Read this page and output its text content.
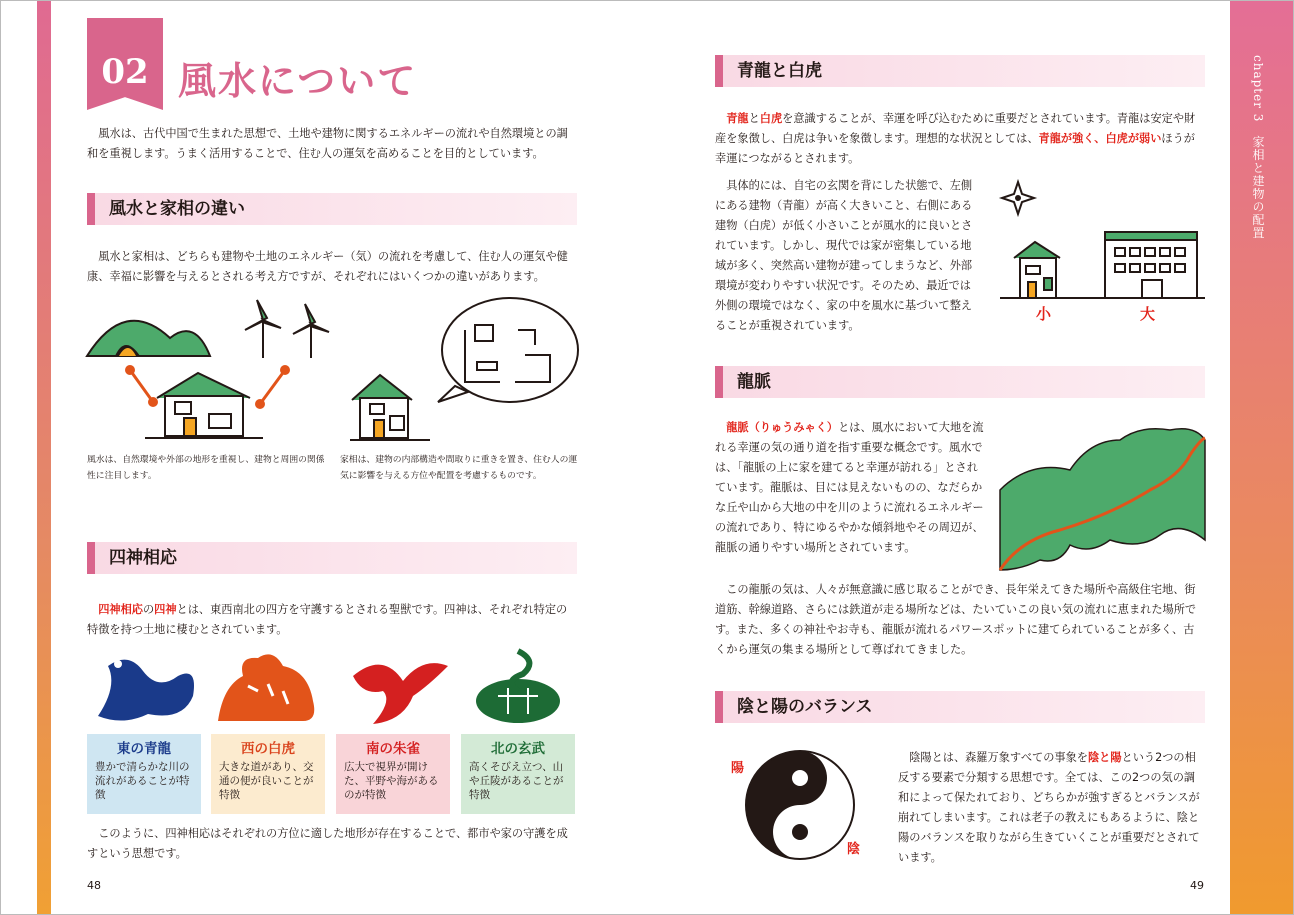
chapter 3　家相と建物の配置
02 風水について

風水は、古代中国で生まれた思想で、土地や建物に関するエネルギーの流れや自然環境との調和を重視します。うまく活用することで、住む人の運気を高めることを目的としています。

風水と家相の違い

風水と家相は、どちらも建物や土地のエネルギー（気）の流れを考慮して、住む人の運気や健康、幸福に影響を与えるとされる考え方ですが、それぞれにはいくつかの違いがあります。

風水は、自然環境や外部の地形を重視し、建物と周囲の関係性に注目します。

家相は、建物の内部構造や間取りに重きを置き、住む人の運気に影響を与える方位や配置を考慮するものです。

四神相応

四神相応の四神とは、東西南北の四方を守護するとされる聖獣です。四神は、それぞれ特定の特徴を持つ土地に棲むとされています。

東の青龍
豊かで清らかな川の流れがあることが特徴
西の白虎
大きな道があり、交通の便が良いことが特徴
南の朱雀
広大で視界が開けた、平野や海があるのが特徴
北の玄武
高くそびえ立つ、山や丘陵があることが特徴

このように、四神相応はそれぞれの方位に適した地形が存在することで、都市や家の守護を成すという思想です。

48
青龍と白虎

青龍と白虎を意識することが、幸運を呼び込むために重要だとされています。青龍は安定や財産を象徴し、白虎は争いを象徴します。理想的な状況としては、青龍が強く、白虎が弱いほうが幸運につながるとされます。

具体的には、自宅の玄関を背にした状態で、左側にある建物（青龍）が高く大きいこと、右側にある建物（白虎）が低く小さいことが風水的に良いとされています。しかし、現代では家が密集している地域が多く、突然高い建物が建ってしまうなど、外部環境が変わりやすい状況です。そのため、最近では外側の環境ではなく、家の中を風水に基づいて整えることが重視されています。

小	大
龍脈

龍脈（りゅうみゃく）とは、風水において大地を流れる幸運の気の通り道を指す重要な概念です。風水では、「龍脈の上に家を建てると幸運が訪れる」とされています。龍脈は、目には見えないものの、なだらかな丘や山から大地の中を川のように流れるエネルギーの流れであり、特にゆるやかな傾斜地やその周辺が、龍脈の通りやすい場所とされています。

この龍脈の気は、人々が無意識に感じ取ることができ、長年栄えてきた場所や高級住宅地、街道筋、幹線道路、さらには鉄道が走る場所などは、たいていこの良い気の流れに恵まれた場所です。また、多くの神社やお寺も、龍脈が流れるパワースポットに建てられていることが多く、古くから運気の集まる場所として尊ばれてきました。

陰と陽のバランス
陽
陰

陰陽とは、森羅万象すべての事象を陰と陽という2つの相反する要素で分類する思想です。全ては、この2つの気の調和によって保たれており、どちらかが強すぎるとバランスが崩れてしまいます。これは老子の教えにもあるように、陰と陽のバランスを取りながら生きていくことが重要だとされています。

49
